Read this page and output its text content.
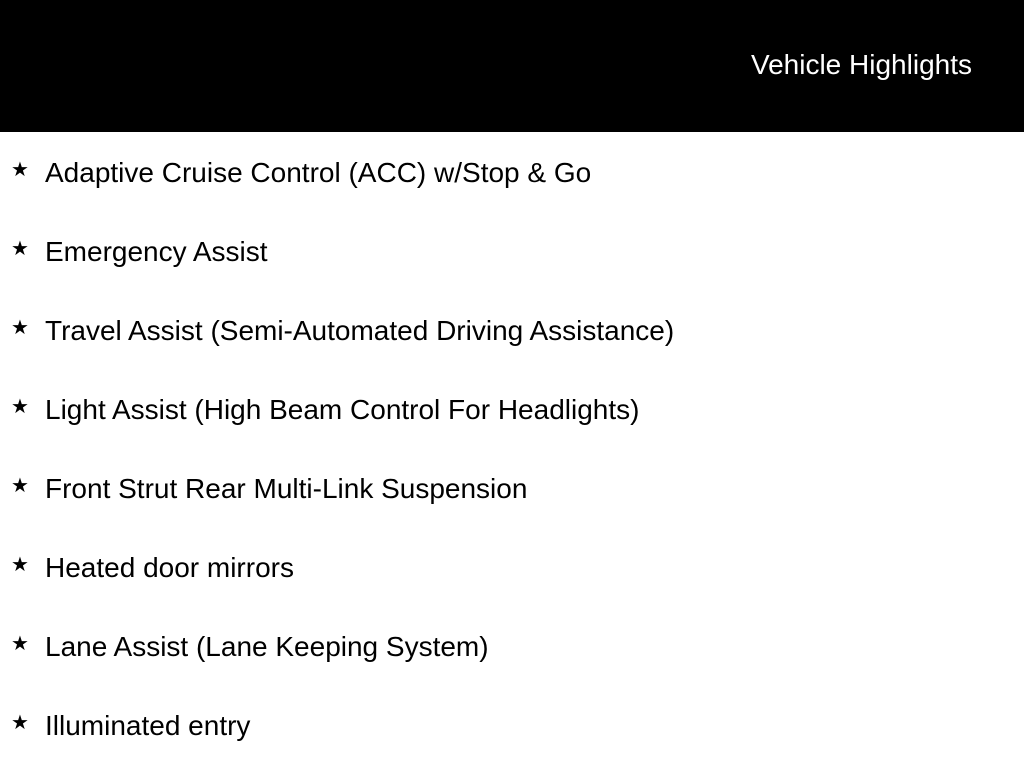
Vehicle Highlights
★ Adaptive Cruise Control (ACC) w/Stop & Go
★ Emergency Assist
★ Travel Assist (Semi-Automated Driving Assistance)
★ Light Assist (High Beam Control For Headlights)
★ Front Strut Rear Multi-Link Suspension
★ Heated door mirrors
★ Lane Assist (Lane Keeping System)
★ Illuminated entry
